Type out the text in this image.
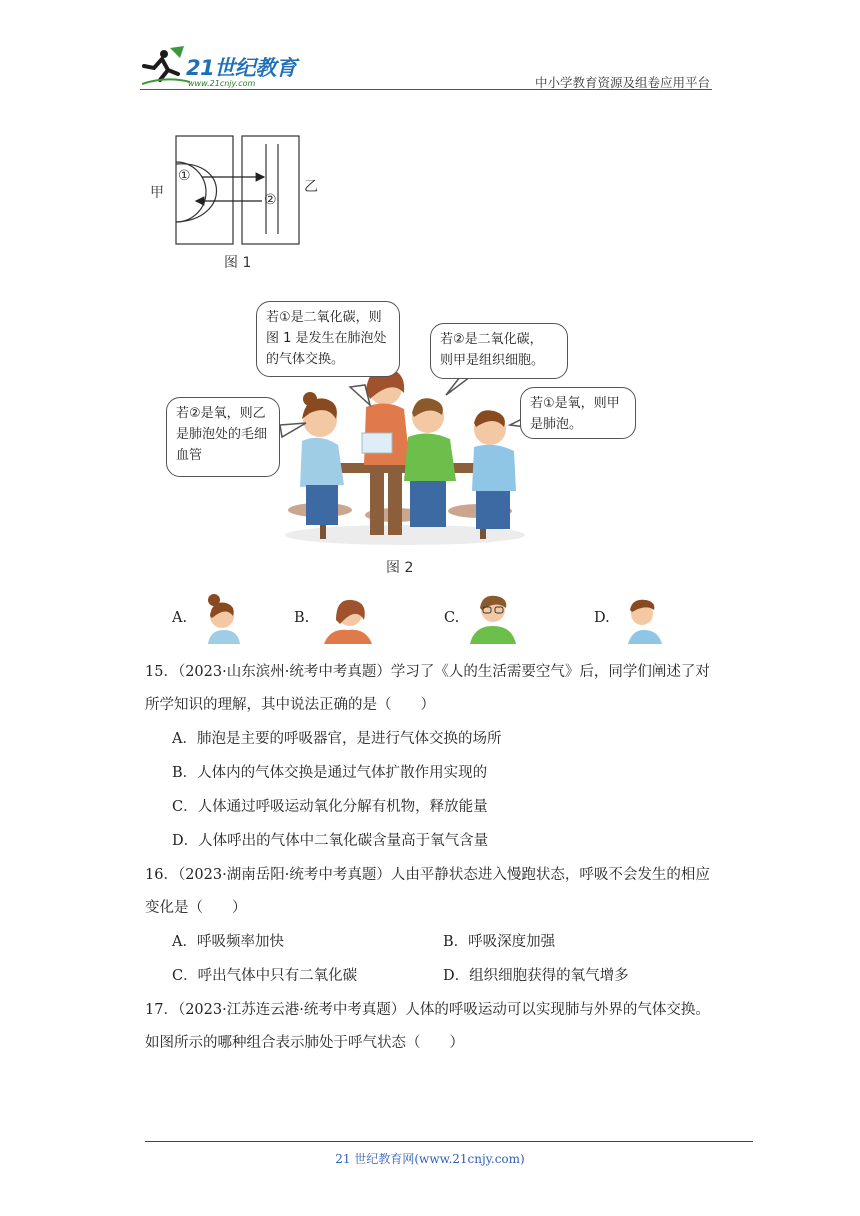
21世纪教育
www.21cnjy.com	中小学教育资源及组卷应用平台
甲	乙
①
②
图 1
若①是二氧化碳，则
图 1 是发生在肺泡处
的气体交换。
若②是二氧化碳，
则甲是组织细胞。
若②是氧，则乙
是肺泡处的毛细
血管
若①是氧，则甲
是肺泡。
图 2
A.	B.	C.	D.
15．（2023·山东滨州·统考中考真题）学习了《人的生活需要空气》后，同学们阐述了对
所学知识的理解，其中说法正确的是（　　）
A．肺泡是主要的呼吸器官，是进行气体交换的场所
B．人体内的气体交换是通过气体扩散作用实现的
C．人体通过呼吸运动氧化分解有机物，释放能量
D．人体呼出的气体中二氧化碳含量高于氧气含量
16．（2023·湖南岳阳·统考中考真题）人由平静状态进入慢跑状态，呼吸不会发生的相应
变化是（　　）
A．呼吸频率加快	B．呼吸深度加强
C．呼出气体中只有二氧化碳	D．组织细胞获得的氧气增多
17．（2023·江苏连云港·统考中考真题）人体的呼吸运动可以实现肺与外界的气体交换。
如图所示的哪种组合表示肺处于呼气状态（　　）
21 世纪教育网(www.21cnjy.com)
